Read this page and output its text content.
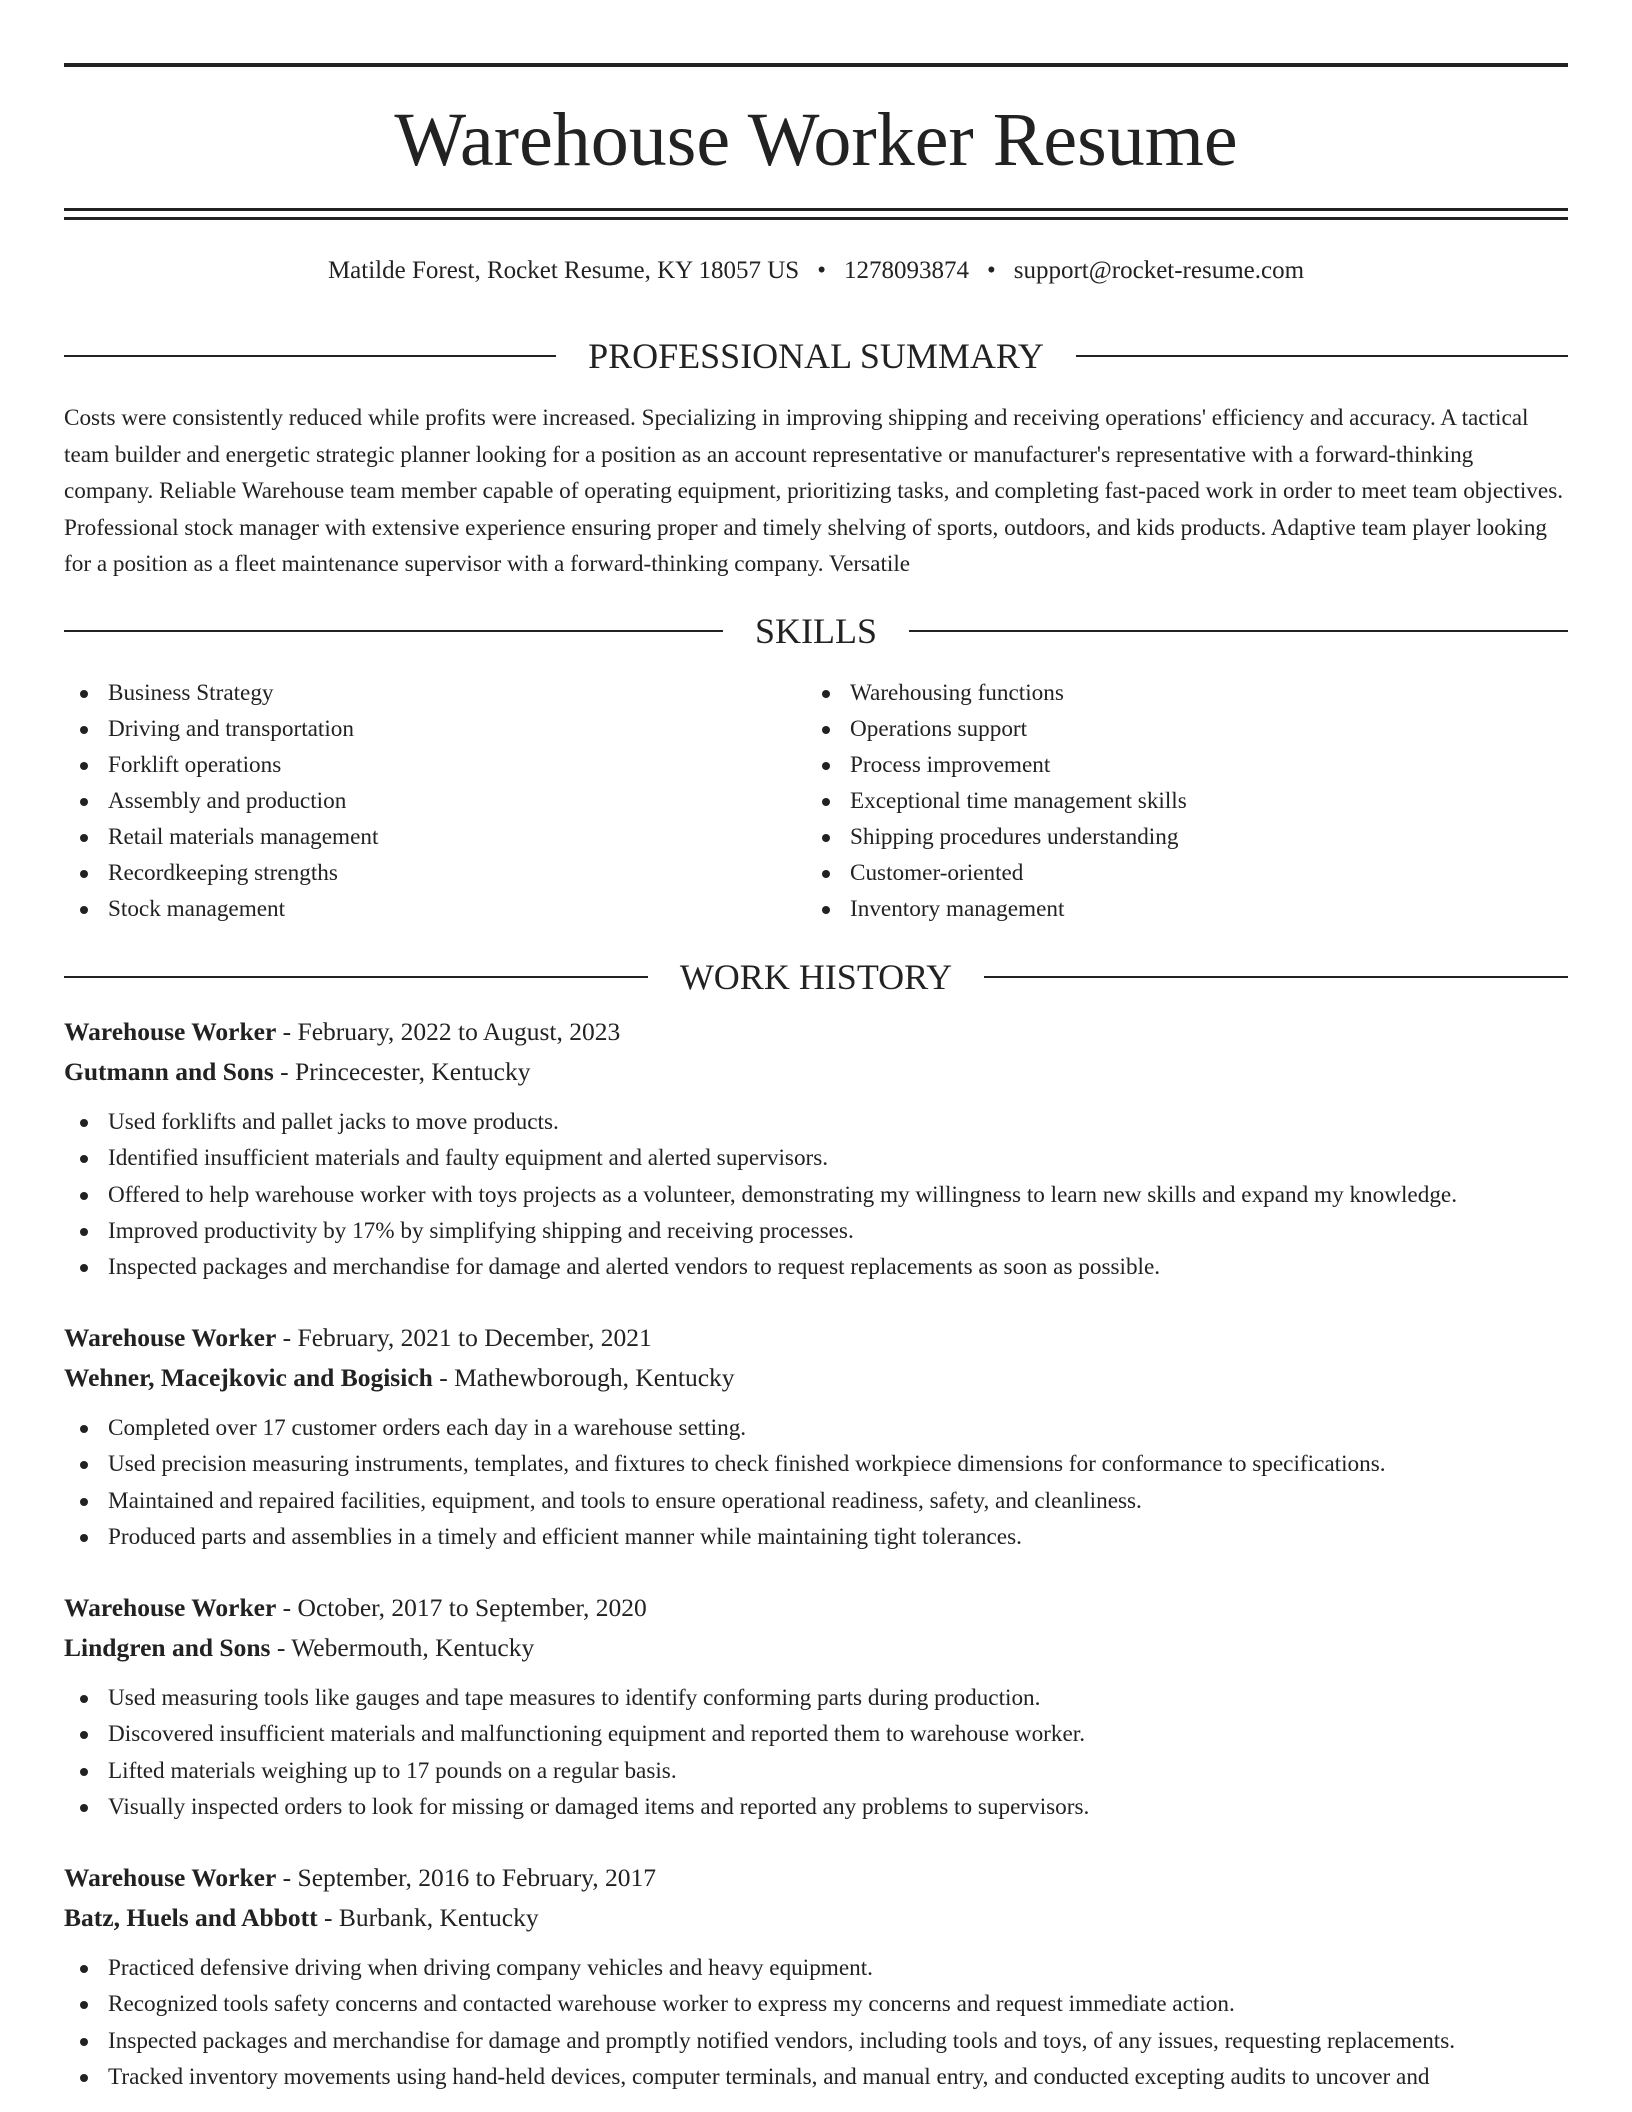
Warehouse Worker Resume
Matilde Forest, Rocket Resume, KY 18057 US • 1278093874 • support@rocket-resume.com
PROFESSIONAL SUMMARY

Costs were consistently reduced while profits were increased. Specializing in improving shipping and receiving operations' efficiency and accuracy. A tactical team builder and energetic strategic planner looking for a position as an account representative or manufacturer's representative with a forward-thinking company. Reliable Warehouse team member capable of operating equipment, prioritizing tasks, and completing fast-paced work in order to meet team objectives. Professional stock manager with extensive experience ensuring proper and timely shelving of sports, outdoors, and kids products. Adaptive team player looking for a position as a fleet maintenance supervisor with a forward-thinking company. Versatile

SKILLS
Business Strategy
Driving and transportation
Forklift operations
Assembly and production
Retail materials management
Recordkeeping strengths
Stock management
Warehousing functions
Operations support
Process improvement
Exceptional time management skills
Shipping procedures understanding
Customer-oriented
Inventory management
WORK HISTORY
Warehouse Worker - February, 2022 to August, 2023
Gutmann and Sons - Princecester, Kentucky
Used forklifts and pallet jacks to move products.
Identified insufficient materials and faulty equipment and alerted supervisors.
Offered to help warehouse worker with toys projects as a volunteer, demonstrating my willingness to learn new skills and expand my knowledge.
Improved productivity by 17% by simplifying shipping and receiving processes.
Inspected packages and merchandise for damage and alerted vendors to request replacements as soon as possible.
Warehouse Worker - February, 2021 to December, 2021
Wehner, Macejkovic and Bogisich - Mathewborough, Kentucky
Completed over 17 customer orders each day in a warehouse setting.
Used precision measuring instruments, templates, and fixtures to check finished workpiece dimensions for conformance to specifications.
Maintained and repaired facilities, equipment, and tools to ensure operational readiness, safety, and cleanliness.
Produced parts and assemblies in a timely and efficient manner while maintaining tight tolerances.
Warehouse Worker - October, 2017 to September, 2020
Lindgren and Sons - Webermouth, Kentucky
Used measuring tools like gauges and tape measures to identify conforming parts during production.
Discovered insufficient materials and malfunctioning equipment and reported them to warehouse worker.
Lifted materials weighing up to 17 pounds on a regular basis.
Visually inspected orders to look for missing or damaged items and reported any problems to supervisors.
Warehouse Worker - September, 2016 to February, 2017
Batz, Huels and Abbott - Burbank, Kentucky
Practiced defensive driving when driving company vehicles and heavy equipment.
Recognized tools safety concerns and contacted warehouse worker to express my concerns and request immediate action.
Inspected packages and merchandise for damage and promptly notified vendors, including tools and toys, of any issues, requesting replacements.
Tracked inventory movements using hand-held devices, computer terminals, and manual entry, and conducted excepting audits to uncover and
